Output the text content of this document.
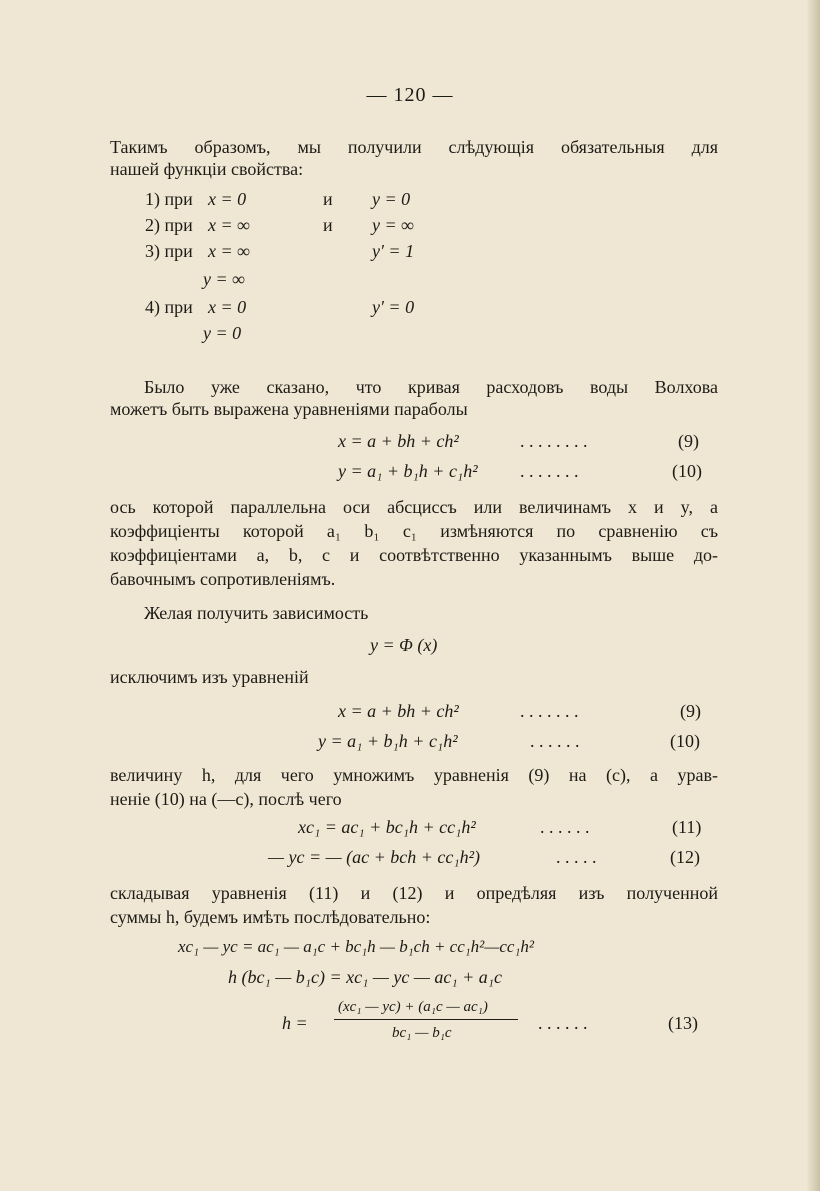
— 120 —
Такимъ образомъ, мы получили слѣдующія обязательныя для
нашей функціи свойства:
1) при x = 0	и y = 0
2) при x = ∞	и y = ∞
3) при x = ∞	y′ = 1
y = ∞
4) при x = 0	y′ = 0
y = 0
Было уже сказано, что кривая расходовъ воды Волхова
можетъ быть выражена уравненіями параболы
x = a + bh + ch²	. . . . . . . .	(9)
y = a₁ + b₁h + c₁h² . . . . . . .	(10)
ось которой параллельна оси абсциссъ или величинамъ x и y, а
коэффиціенты которой a₁ b₁ c₁ измѣняются по сравненію съ
коэффиціентами a, b, c и соотвѣтственно указаннымъ выше до-
бавочнымъ сопротивленіямъ.
Желая получить зависимость
y = Φ (x)
исключимъ изъ уравненій
x = a + bh + ch²	. . . . . . .	(9)
y = a₁ + b₁h + c₁h²	. . . . . .	(10)
величину h, для чего умножимъ уравненія (9) на (c), а урав-
неніе (10) на (—c), послѣ чего
xc₁ = ac₁ + bc₁h + cc₁h²	. . . . . .	(11)
— yc = — (ac + bch + cc₁h²)	. . . . .	(12)
складывая уравненія (11) и (12) и опредѣляя изъ полученной
суммы h, будемъ имѣть послѣдовательно:
xc₁ — yc = ac₁ — a₁c + bc₁h — b₁ch + cc₁h²—cc₁h²
h (bc₁ — b₁c) = xc₁ — yc — ac₁ + a₁c
h =
(xc₁ — yc) + (a₁c — ac₁)
bc₁ — b₁c	. . . . . .	(13)
